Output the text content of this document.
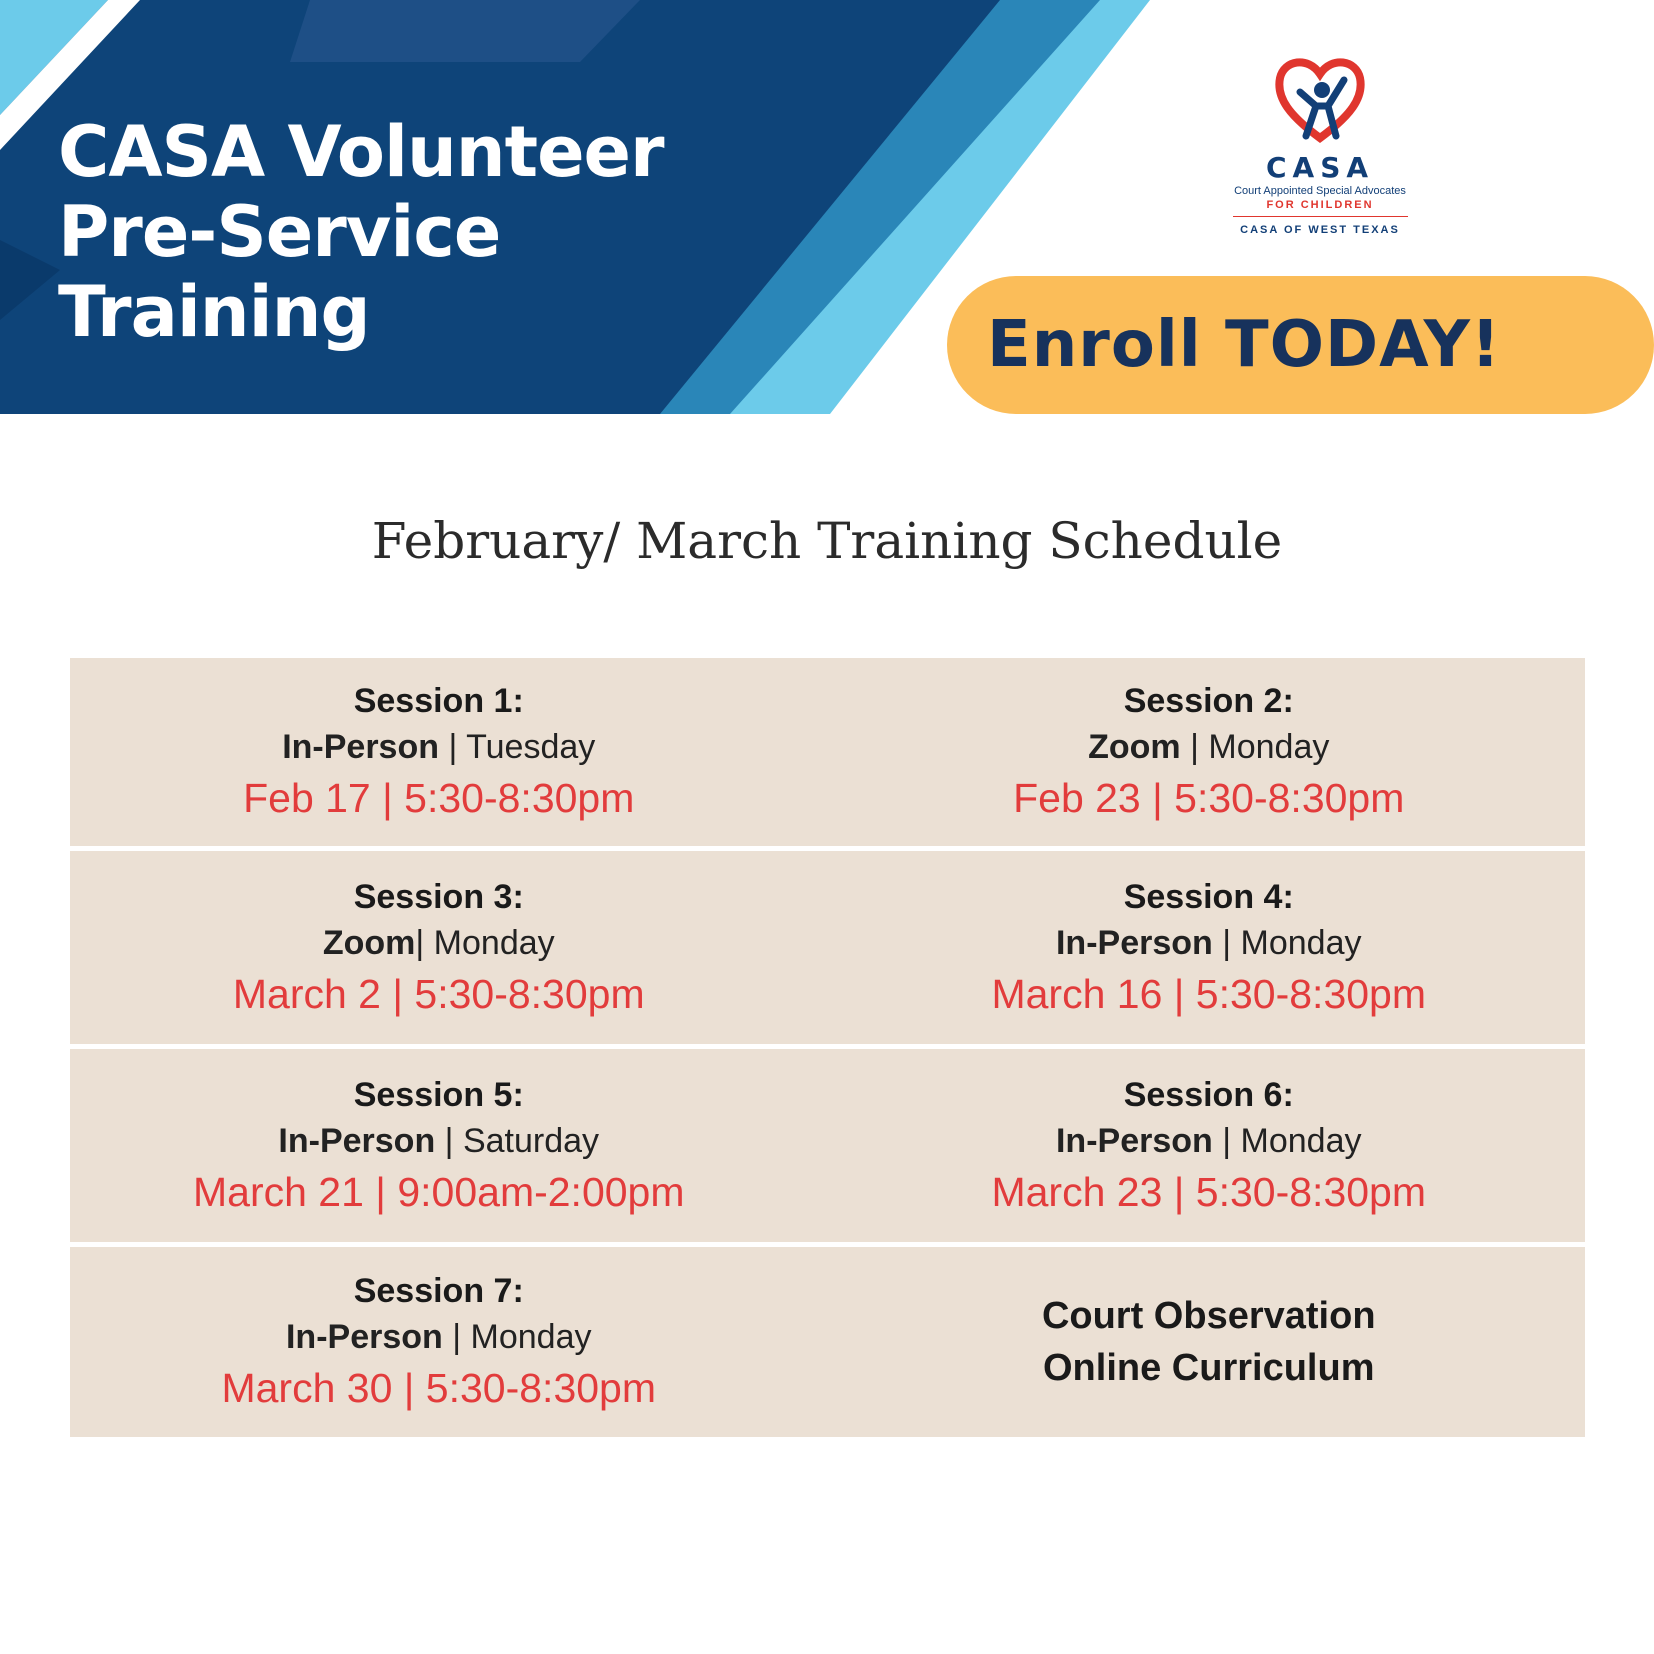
CASA Volunteer
Pre-Service
Training
CASA
Court Appointed Special Advocates
FOR CHILDREN
CASA OF WEST TEXAS
Enroll TODAY!
February/ March Training Schedule
Session 1:
In-Person | Tuesday
Feb 17 | 5:30-8:30pm
Session 2:
Zoom | Monday
Feb 23 | 5:30-8:30pm
Session 3:
Zoom| Monday
March 2 | 5:30-8:30pm
Session 4:
In-Person | Monday
March 16 | 5:30-8:30pm
Session 5:
In-Person | Saturday
March 21 | 9:00am-2:00pm
Session 6:
In-Person | Monday
March 23 | 5:30-8:30pm
Session 7:
In-Person | Monday
March 30 | 5:30-8:30pm
Court Observation
Online Curriculum
